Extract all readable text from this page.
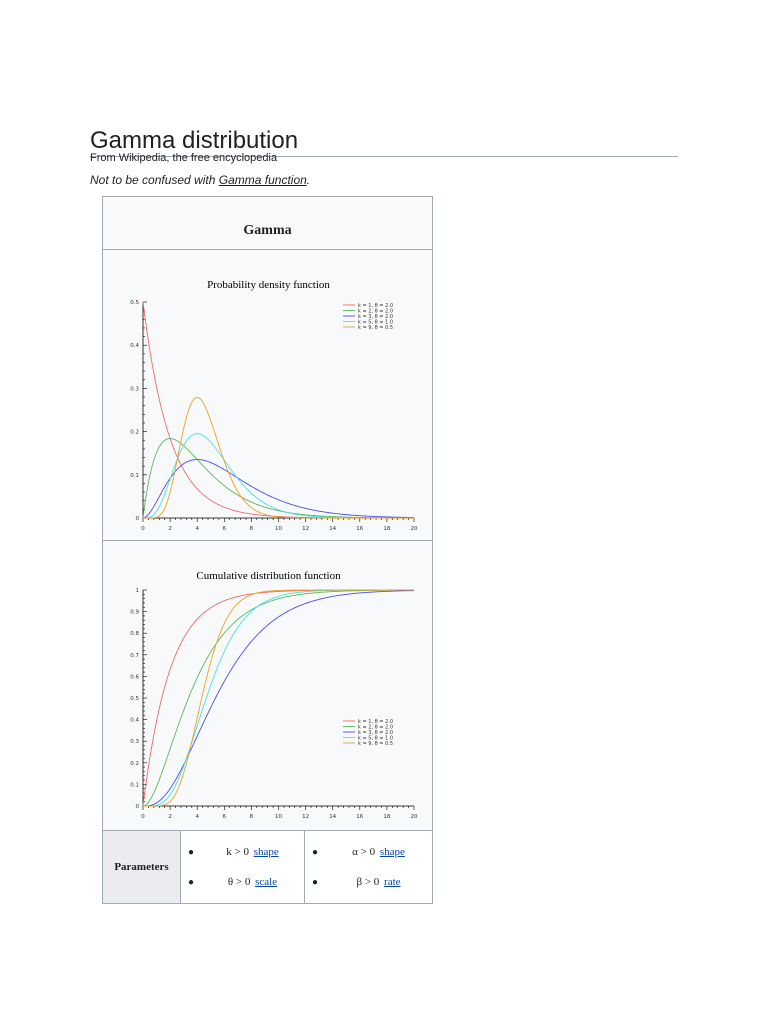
Gamma distribution
From Wikipedia, the free encyclopedia
Not to be confused with Gamma function.
Gamma
Probability density function
0	2	4	6	8	10	12	14	16	18	20
0
0.1
0.2
0.3
0.4
0.5	k = 1, θ = 2.0
k = 2, θ = 2.0
k = 3, θ = 2.0
k = 5, θ = 1.0
k = 9, θ = 0.5
Cumulative distribution function
0	2	4	6	8	10	12	14	16	18	20
0
0.1
0.2
0.3
0.4
0.5
0.6
0.7
0.8
0.9
1
k = 1, θ = 2.0
k = 2, θ = 2.0
k = 3, θ = 2.0
k = 5, θ = 1.0
k = 9, θ = 0.5
Parameters
●	k > 0 shape
●	θ > 0 scale
●	α > 0 shape
●	β > 0 rate
